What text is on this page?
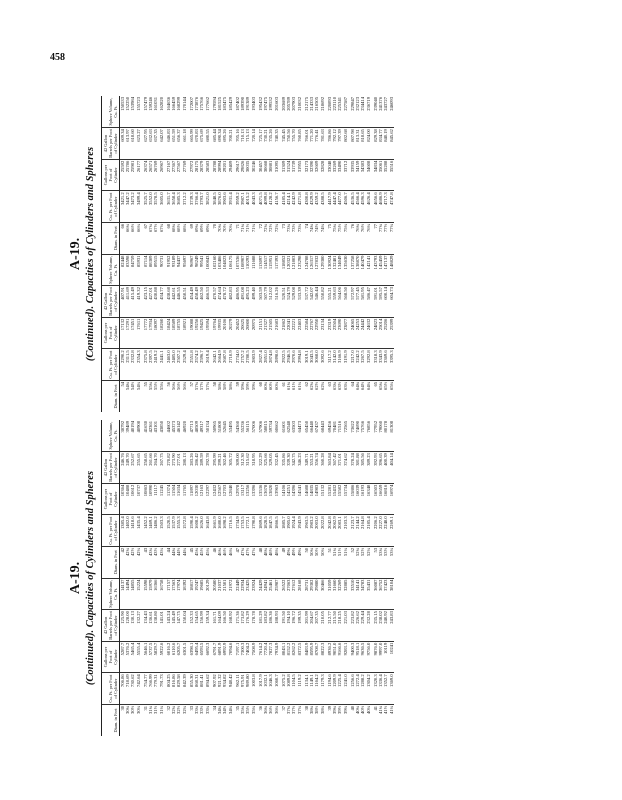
458
A-19. (Continued). Capacities of Cylinders and Spheres
Diam. in Feet	Cu. Ft. per Foot of Cylinder	Gallons per Foot of Cylinder	42 Gallon Barrels per Foot of Cylinder	Sphere Volume, Cu. Ft.	Diam. in Feet	Cu. Ft. per Foot of Cylinder	Gallons per Foot of Cylinder	42 Gallon Barrels per Foot of Cylinder	Sphere Volume, Cu. Ft.
30	706.86	5287.7	125.90	14137	42	1385.4	10364	246.76	38792
30¼	718.69	5376.2	128.00	14494	42¼	1402.0	10488	249.70	39489
30½	730.62	5465.4	130.13	14855	42½	1418.6	10612	252.67	40194
30¾	742.64	5555.4	132.27	15224	42¾	1435.4	10737	255.65	40908
31	754.77	5646.1	134.43	15598	43	1452.2	10863	258.65	41630
31¼	766.99	5737.5	136.61	15979	43¼	1469.1	10990	261.66	42361
31½	779.31	5829.7	138.80	16366	43½	1486.2	11117	264.70	43101
31¾	791.73	5922.6	141.01	16758	43¾	1503.3	11245	267.75	43850
32	804.25	6016.2	143.24	17157	44	1520.5	11374	270.82	44602
32¼	816.86	6110.6	145.49	17563	44¼	1537.9	11504	273.90	45373
32½	829.58	6205.7	147.75	17974	44½	1555.3	11634	277.01	46142
32¾	842.39	6301.5	150.04	18392	44¾	1572.8	11765	280.13	46920
33	855.30	6398.1	152.33	18817	45	1590.4	11897	283.26	47713
33¼	868.31	6495.4	154.65	19247	45¼	1608.2	12030	286.42	48509
33½	881.41	6593.5	156.99	19685	45½	1626.0	12163	289.59	49317
33¾	894.62	6692.3	159.34	20129	45¾	1643.8	12297	292.78	50134
34	907.92	6791.7	161.71	20580	46	1661.9	12432	295.99	50965
34¼	921.32	6891.9	164.09	21037	46¼	1680.0	12567	299.21	51800
34½	934.82	6992.9	166.50	21501	46½	1698.2	12703	302.46	52645
34¾	948.42	7094.6	168.92	21972	46¾	1716.5	12840	305.72	53495
35	962.11	7197.1	171.36	22449	47	1734.9	12978	309.00	54360
35¼	975.91	7300.3	173.82	22934	47¼	1753.5	13117	312.30	55236
35½	989.80	7404.2	176.29	23425	47½	1772.1	13256	315.62	56115
35¾	1003.8	7508.9	178.78	23924	47¾	1790.8	13396	318.95	57006
36	1017.9	7614.2	181.29	24429	48	1809.6	13536	322.29	57906
36¼	1032.1	7720.4	183.82	24941	48¼	1828.5	13678	325.66	58815
36½	1046.3	7827.3	186.36	25461	48½	1847.5	13820	329.05	59734
36¾	1060.7	7934.9	188.93	25987	48¾	1866.5	13963	332.45	60662
37	1075.2	8043.1	191.50	26522	49	1885.7	14106	335.86	61601
37¼	1089.8	8152.2	194.10	27063	49¼	1905.0	14251	339.30	62548
37½	1104.5	8262.2	196.72	27612	49½	1924.4	14396	342.75	63503
37¾	1119.2	8372.5	199.35	28168	49¾	1943.9	14541	346.23	64473
38	1134.1	8483.9	201.99	28731	50	1963.5	14688	349.71	65450
38¼	1149.1	8595.9	204.67	29302	50¼	1983.2	14835	353.21	66440
38½	1164.2	8708.7	207.35	29880	50½	2003.0	14983	356.74	67437
38¾	1179.3	8822.3	210.05	30466	50¾	2022.8	15132	360.28	68443
39	1194.6	8936.2	212.77	31059	51	2042.8	15281	363.84	69456
39¼	1209.9	9051.0	215.50	31660	51¼	2062.9	15432	367.42	70481
39½	1225.4	9166.6	218.25	32269	51½	2083.1	15582	371.01	71516
39¾	1241.0	9283.1	221.03	32885	51¾	2103.3	15734	374.62	72565
40	1256.6	9400.3	223.82	33510	52	2123.7	15886	378.24	73622
40¼	1272.4	9518.1	226.62	34141	52¼	2144.2	16039	381.88	74690
40½	1288.2	9636.5	229.44	34783	52½	2164.8	16193	385.56	75766
40¾	1304.2	9756.0	232.28	35431	52¾	2185.4	16348	389.23	76856
41	1320.3	9876.0	235.15	36087	53	2206.2	16503	392.93	77952
41¼	1336.4	9997.0	238.02	36752	53¼	2227.0	16659	396.65	79060
41½	1352.7	10119	240.92	37423	53½	2248.0	16816	400.39	80178
41¾	1369.0	10241	243.83	38104	53¾	2269.1	16974	404.14	81308
A-19. (Continued). Capacities of Cylinders and Spheres
Diam. in Feet	Cu. Ft. per Foot of Cylinder	Gallons per Foot of Cylinder	42 Gallon Barrels per Foot of Cylinder	Sphere Volume, Cu. Ft.	Diam. in Feet	Cu. Ft. per Foot of Cylinder	Gallons per Foot of Cylinder	42 Gallon Barrels per Foot of Cylinder	Sphere Volume, Cu. Ft.
54	2290.2	17132	407.91	82448	66	3421.2	25592	609.34	150533
54¼	2311.5	17291	411.69	83598	66¼	3447.2	25786	613.97	152250
54½	2332.8	17451	415.49	84759	66½	3473.2	25981	618.60	153984
54¾	2354.3	17611	419.32	85931	66¾	3499.4	26177	623.27	155723
55	2375.8	17772	423.15	87114	67	3525.7	26374	627.95	157479
55¼	2397.5	17934	427.01	88309	67¼	3552.0	26571	632.63	159246
55½	2419.2	18097	430.88	89515	67½	3578.5	26769	637.35	161031
55¾	2441.1	18260	434.77	90731	67¾	3605.0	26967	642.07	162820
56	2463.0	18424	438.68	91952	68	3631.7	27167	646.83	164636
56¼	2485.0	18589	442.61	93189	68¼	3658.4	27367	651.59	166459
56½	2507.2	18755	446.55	94437	68½	3685.3	27567	656.37	168299
56¾	2529.4	18921	450.51	95697	68¾	3712.2	27769	661.18	170144
57	2551.8	19088	454.49	96967	69	3739.3	27972	665.99	172007
57¼	2574.2	19256	458.49	98249	69¼	3766.4	28175	670.83	173876
57½	2596.7	19425	462.50	99541	69½	3793.7	28379	675.69	175766
57¾	2619.4	19594	466.53	100843	69¾	3821.0	28583	680.55	177662
58	2642.1	19764	470.57	102160	70	3848.5	28788	685.44	179594
58¼	2664.9	19935	474.64	103486	70¼	3876.0	28994	690.34	181525
58½	2687.8	20106	478.72	104823	70½	3903.6	29201	695.26	183475
58¾	2710.9	20279	482.83	106175	70¾	3931.4	29409	700.21	185429
59	2734.0	20452	486.95	107536	71	3959.2	29617	705.16	187402
59¼	2757.2	20625	491.08	108907	71¼	3987.1	29826	710.13	189390
59½	2780.5	20800	495.23	110293	71½	4015.2	30035	715.13	191389
59¾	2803.9	20975	499.40	111688	71¾	4043.3	30246	720.14	193403
60	2827.4	21151	503.59	113097	72	4071.5	30457	725.17	195432
60¼	2851.0	21327	507.79	114517	72¼	4099.8	30668	730.21	197475
60½	2874.8	21505	512.02	115951	72½	4128.2	30881	735.26	199532
60¾	2898.6	21683	516.26	117393	72¾	4156.7	31095	740.35	201603
61	2922.5	21862	520.51	118852	73	4185.4	31309	745.45	203689
61¼	2946.5	22041	524.79	120321	73¼	4214.1	31524	750.56	205789
61½	2970.6	22221	529.08	121803	73½	4242.9	31739	755.70	207903
61¾	2994.8	22403	533.39	123298	73¾	4271.8	31955	760.85	210032
62	3019.1	22584	537.72	124788	74	4300.8	32173	766.01	212175
62¼	3043.5	22767	542.07	126317	74¼	4329.9	32390	771.20	214333
62½	3068.0	22950	546.44	127832	74½	4359.2	32609	776.41	216505
62¾	3092.6	23134	550.82	129380	74¾	4388.5	32828	781.63	218692
63	3117.2	23319	555.21	130924	75	4417.9	33048	786.86	220893
63¼	3142.0	23504	559.63	132481	75¼	4447.4	33269	792.12	223110
63½	3166.9	23690	564.06	134049	75½	4477.0	33490	797.39	225341
63¾	3191.9	23877	568.50	135630	75¾	4506.7	33712	802.68	227587
64	3217.0	24065	572.97	137258	76	4536.5	33935	807.98	229847
64¼	3242.2	24253	577.45	138870	76¼	4566.4	34159	813.31	232123
64½	3267.5	24442	581.95	140479	76½	4596.3	34383	818.65	234414
64¾	3292.8	24632	586.47	142141	76¾	4626.4	34608	824.00	236719
65	3318.3	24823	591.01	143793	77	4656.6	34834	829.38	239040
65¼	3343.9	25014	595.57	145459	77¼	4686.9	35061	834.77	241376
65½	3369.6	25206	600.14	147137	77½	4717.3	35288	840.19	243727
65¾	3395.3	25399	604.73	148829	77¾	4747.8	35516	845.62	246093
